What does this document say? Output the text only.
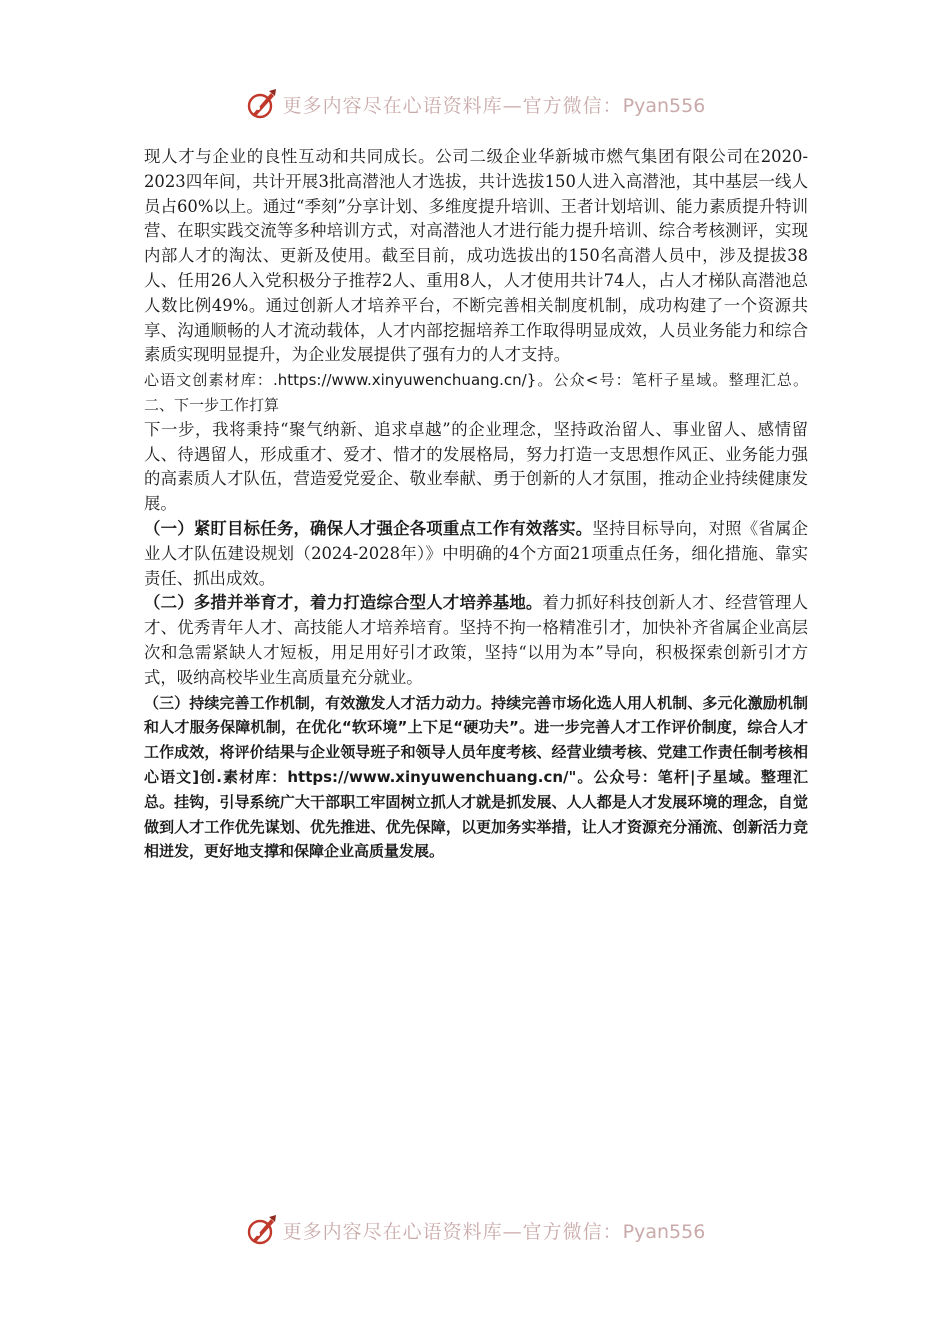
更多内容尽在心语资料库—官方微信：Pyan556

现人才与企业的良性互动和共同成长。公司二级企业华新城市燃气集团有限公司在2020-2023四年间，共计开展3批高潜池人才选拔，共计选拔150人进入高潜池，其中基层一线人员占60%以上。通过“季刻”分享计划、多维度提升培训、王者计划培训、能力素质提升特训营、在职实践交流等多种培训方式，对高潜池人才进行能力提升培训、综合考核测评，实现内部人才的淘汰、更新及使用。截至目前，成功选拔出的150名高潜人员中，涉及提拔38人、任用26人入党积极分子推荐2人、重用8人，人才使用共计74人，占人才梯队高潜池总人数比例49%。通过创新人才培养平台，不断完善相关制度机制，成功构建了一个资源共享、沟通顺畅的人才流动载体，人才内部挖掘培养工作取得明显成效，人员业务能力和综合素质实现明显提升，为企业发展提供了强有力的人才支持。

心语文创素材库：.https://www.xinyuwenchuang.cn/}。公众<号：笔杆子星域。整理汇总。二、下一步工作打算

下一步，我将秉持“聚气纳新、追求卓越”的企业理念，坚持政治留人、事业留人、感情留人、待遇留人，形成重才、爱才、惜才的发展格局，努力打造一支思想作风正、业务能力强的高素质人才队伍，营造爱党爱企、敬业奉献、勇于创新的人才氛围，推动企业持续健康发展。

（一）紧盯目标任务，确保人才强企各项重点工作有效落实。坚持目标导向，对照《省属企业人才队伍建设规划（2024-2028年）》中明确的4个方面21项重点任务，细化措施、靠实责任、抓出成效。

（二）多措并举育才，着力打造综合型人才培养基地。着力抓好科技创新人才、经营管理人才、优秀青年人才、高技能人才培养培育。坚持不拘一格精准引才，加快补齐省属企业高层次和急需紧缺人才短板，用足用好引才政策，坚持“以用为本”导向，积极探索创新引才方式，吸纳高校毕业生高质量充分就业。

（三）持续完善工作机制，有效激发人才活力动力。持续完善市场化选人用人机制、多元化激励机制和人才服务保障机制，在优化“软环境”上下足“硬功夫”。进一步完善人才工作评价制度，综合人才工作成效，将评价结果与企业领导班子和领导人员年度考核、经营业绩考核、党建工作责任制考核相心语文]创.素材库：https://www.xinyuwenchuang.cn/"。公众号：笔杆|子星域。整理汇总。挂钩，引导系统广大干部职工牢固树立抓人才就是抓发展、人人都是人才发展环境的理念，自觉做到人才工作优先谋划、优先推进、优先保障，以更加务实举措，让人才资源充分涌流、创新活力竞相迸发，更好地支撑和保障企业高质量发展。

更多内容尽在心语资料库—官方微信：Pyan556
